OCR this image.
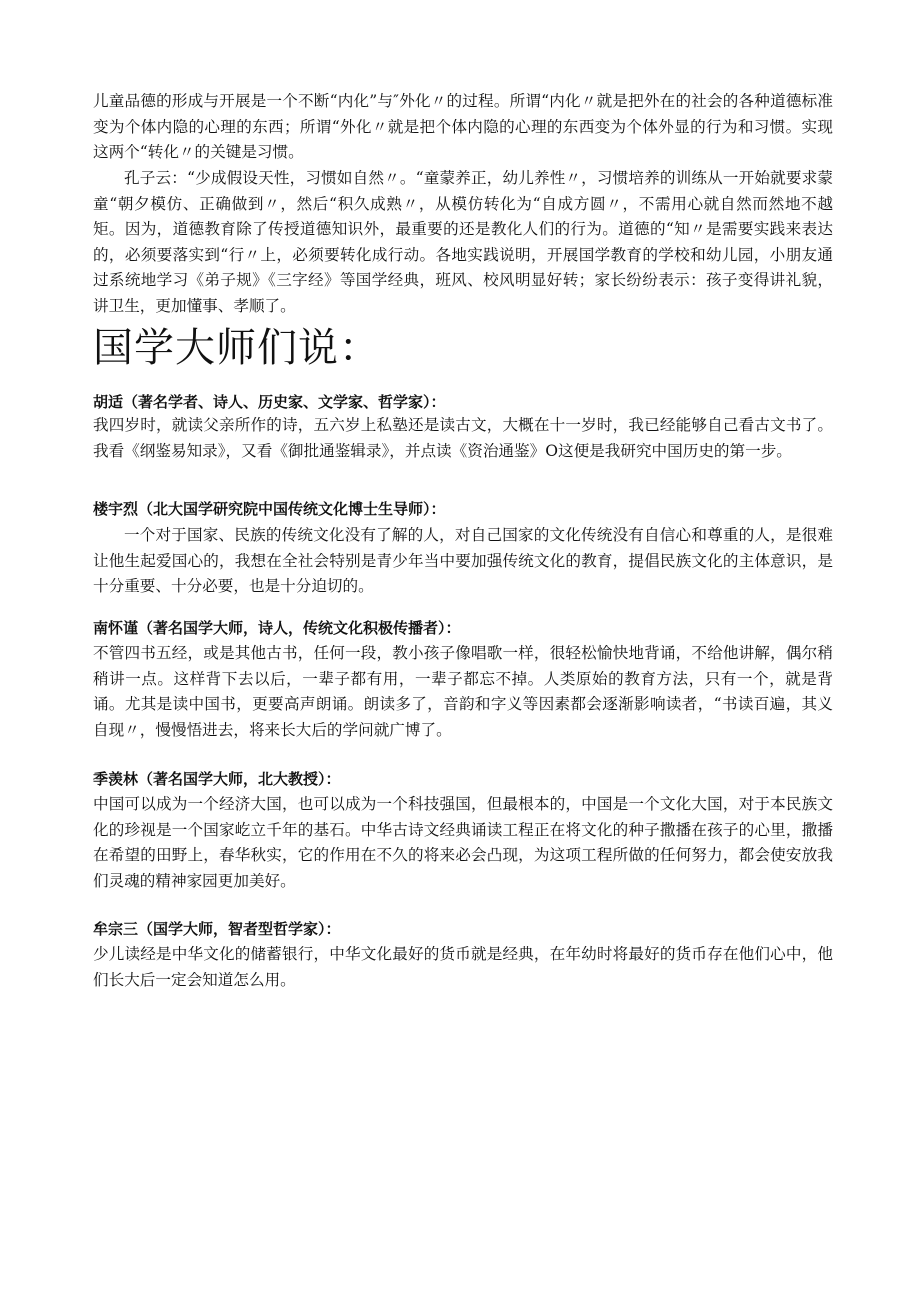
儿童品德的形成与开展是一个不断“内化”与″外化〃的过程。所谓“内化〃就是把外在的社会的各种道德标准变为个体内隐的心理的东西；所谓“外化〃就是把个体内隐的心理的东西变为个体外显的行为和习惯。实现这两个“转化〃的关键是习惯。

孔子云：“少成假设天性，习惯如自然〃。“童蒙养正，幼儿养性〃，习惯培养的训练从一开始就要求蒙童“朝夕模仿、正确做到〃，然后“积久成熟〃，从模仿转化为“自成方圆〃，不需用心就自然而然地不越矩。因为，道德教育除了传授道德知识外，最重要的还是教化人们的行为。道德的“知〃是需要实践来表达的，必须要落实到“行〃上，必须要转化成行动。各地实践说明，开展国学教育的学校和幼儿园，小朋友通过系统地学习《弟子规》《三字经》等国学经典，班风、校风明显好转；家长纷纷表示：孩子变得讲礼貌，讲卫生，更加懂事、孝顺了。

国学大师们说：
胡适（著名学者、诗人、历史家、文学家、哲学家）：

我四岁时，就读父亲所作的诗，五六岁上私塾还是读古文，大概在十一岁时，我已经能够自己看古文书了。我看《纲鉴易知录》，又看《御批通鉴辑录》，并点读《资治通鉴》O这便是我研究中国历史的第一步。

楼宇烈（北大国学研究院中国传统文化博士生导师）：

一个对于国家、民族的传统文化没有了解的人，对自己国家的文化传统没有自信心和尊重的人，是很难让他生起爱国心的，我想在全社会特别是青少年当中要加强传统文化的教育，提倡民族文化的主体意识，是十分重要、十分必要，也是十分迫切的。

南怀谨（著名国学大师，诗人，传统文化积极传播者）：

不管四书五经，或是其他古书，任何一段，教小孩子像唱歌一样，很轻松愉快地背诵，不给他讲解，偶尔稍稍讲一点。这样背下去以后，一辈子都有用，一辈子都忘不掉。人类原始的教育方法，只有一个，就是背诵。尤其是读中国书，更要高声朗诵。朗读多了，音韵和字义等因素都会逐渐影响读者，“书读百遍，其义自现〃，慢慢悟进去，将来长大后的学问就广博了。

季羡林（著名国学大师，北大教授）：

中国可以成为一个经济大国，也可以成为一个科技强国，但最根本的，中国是一个文化大国，对于本民族文化的珍视是一个国家屹立千年的基石。中华古诗文经典诵读工程正在将文化的种子撒播在孩子的心里，撒播在希望的田野上，春华秋实，它的作用在不久的将来必会凸现，为这项工程所做的任何努力，都会使安放我们灵魂的精神家园更加美好。

牟宗三（国学大师，智者型哲学家）：

少儿读经是中华文化的储蓄银行，中华文化最好的货币就是经典，在年幼时将最好的货币存在他们心中，他们长大后一定会知道怎么用。
